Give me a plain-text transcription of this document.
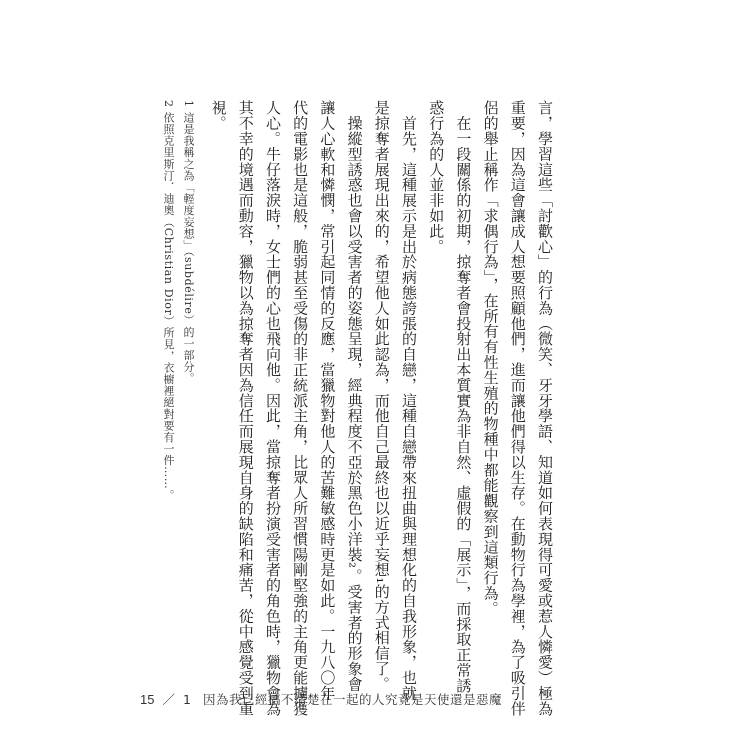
言，學習這些「討歡心」的行為（微笑、牙牙學語、知道如何表現得可愛或惹人憐愛）極為
重要，因為這會讓成人想要照顧他們，進而讓他們得以生存。在動物行為學裡，為了吸引伴
侶的舉止稱作「求偶行為」，在所有有性生殖的物種中都能觀察到這類行為。
　在一段關係的初期，掠奪者會投射出本質實為非自然、虛假的「展示」，而採取正常誘
惑行為的人並非如此。
　首先，這種展示是出於病態誇張的自戀，這種自戀帶來扭曲與理想化的自我形象，也就
是掠奪者展現出來的，希望他人如此認為，而他自己最終也以近乎妄想₁的方式相信了。
　操縱型誘惑也會以受害者的姿態呈現，經典程度不亞於黑色小洋裝₂。受害者的形象會
讓人心軟和憐憫，常引起同情的反應，當獵物對他人的苦難敏感時更是如此。一九八〇年
代的電影也是這般，脆弱甚至受傷的非正統派主角，比眾人所習慣陽剛堅強的主角更能擄獲
人心。牛仔落淚時，女士們的心也飛向他。因此，當掠奪者扮演受害者的角色時，獵物會為
其不幸的境遇而動容，獵物以為掠奪者因為信任而展現自身的缺陷和痛苦，從中感覺受到重
視。
1 這是我稱之為「輕度妄想」（subdélire）的一部分。
2 依照克里斯汀．迪奧（Christian Dior）所見，衣櫥裡絕對要有一件……。
15 ／ 1 因為我已經搞不清楚在一起的人究竟是天使還是惡魔
